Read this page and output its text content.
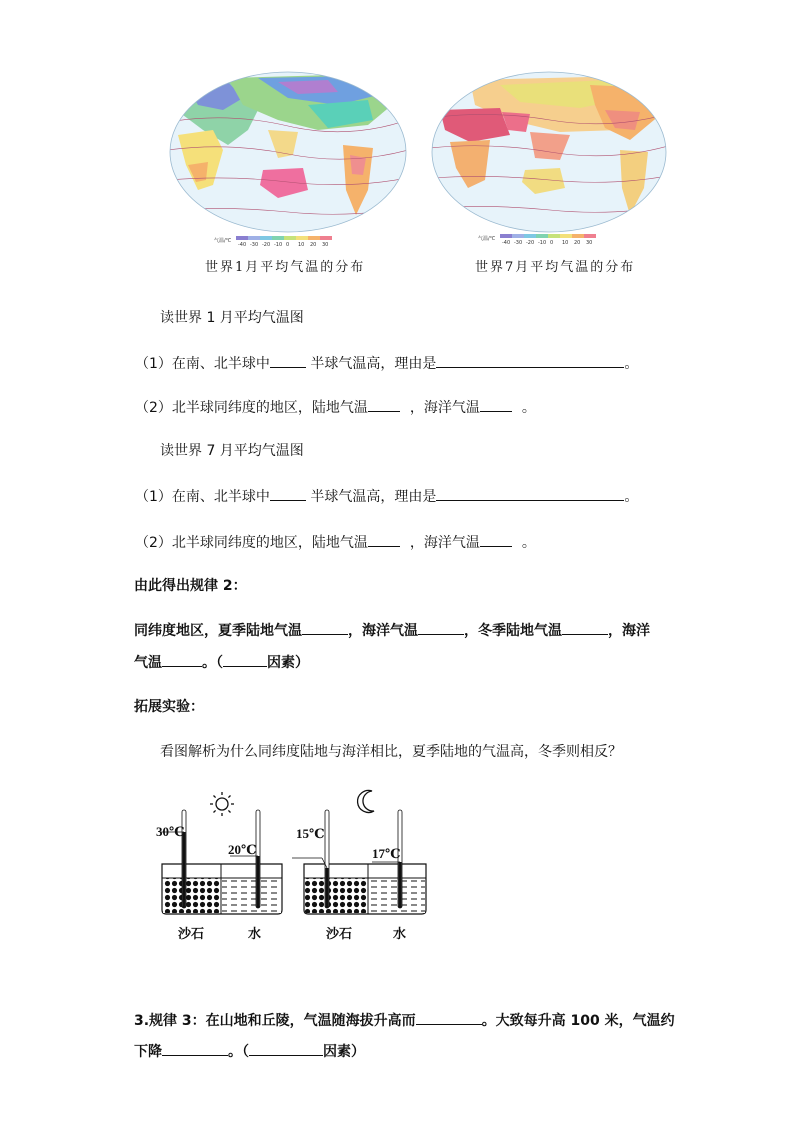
气温/℃
-40 -30 -20 -10 0 10 20 30
世界1月平均气温的分布
气温/℃
-40 -30 -20 -10 0 10 20 30
世界7月平均气温的分布
读世界 1 月平均气温图
（1）在南、北半球中	半球气温高，理由是	。
（2）北半球同纬度的地区，陆地气温	，海洋气温	。
读世界 7 月平均气温图
（1）在南、北半球中	半球气温高，理由是	。
（2）北半球同纬度的地区，陆地气温	，海洋气温	。
由此得出规律 2：
同纬度地区，夏季陆地气温	，海洋气温	，冬季陆地气温	，海洋
气温	。（	因素）
拓展实验：
看图解析为什么同纬度陆地与海洋相比，夏季陆地的气温高，冬季则相反？
30℃
20℃
沙石	水
15℃
17℃
沙石	水
3.规律 3：在山地和丘陵，气温随海拔升高而	。大致每升高 100 米，气温约
下降	。（	因素）
